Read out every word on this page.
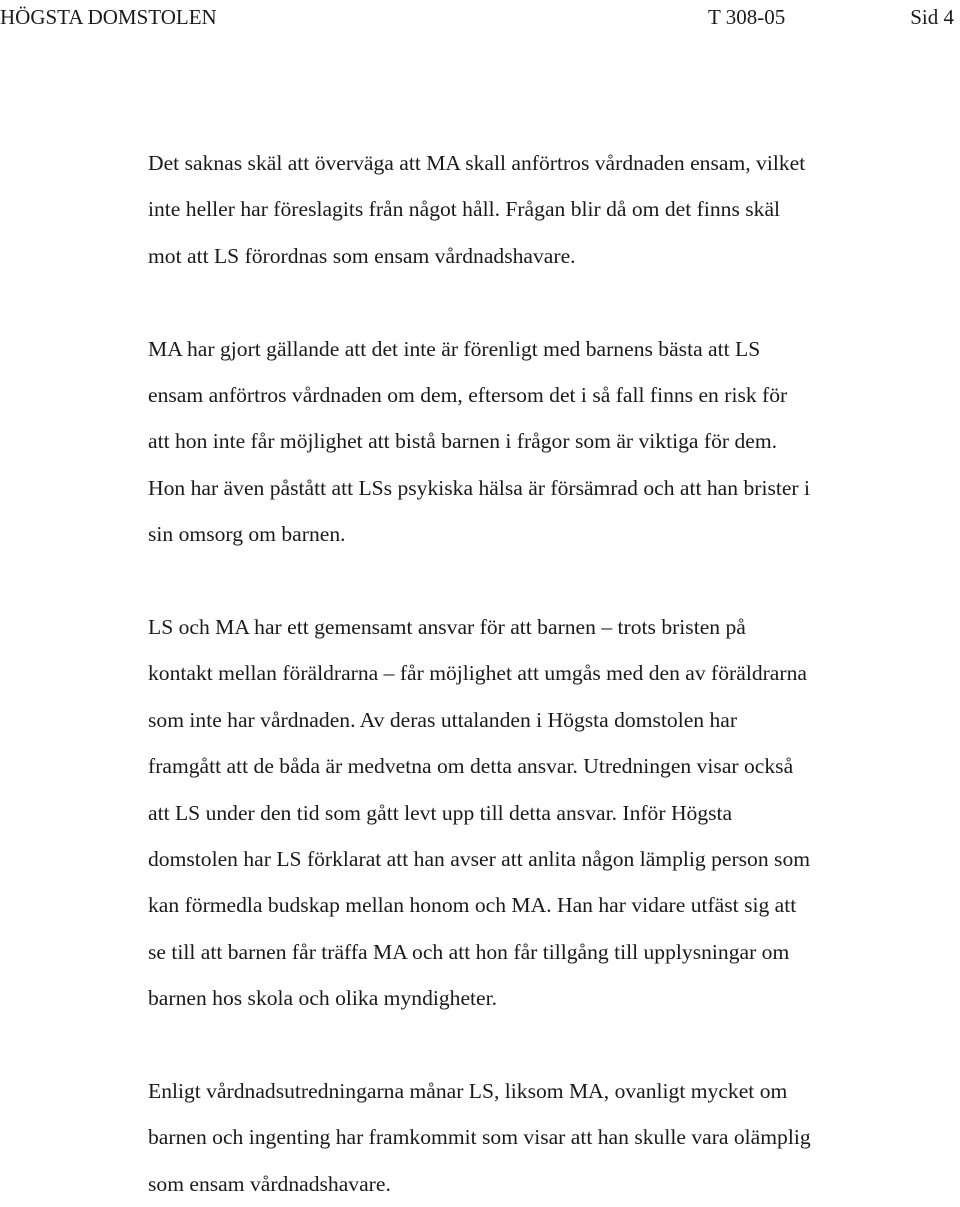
HÖGSTA DOMSTOLEN	T 308-05	Sid 4

Det saknas skäl att överväga att MA skall anförtros vårdnaden ensam, vilket
inte heller har föreslagits från något håll. Frågan blir då om det finns skäl
mot att LS förordnas som ensam vårdnadshavare.

MA har gjort gällande att det inte är förenligt med barnens bästa att LS
ensam anförtros vårdnaden om dem, eftersom det i så fall finns en risk för
att hon inte får möjlighet att bistå barnen i frågor som är viktiga för dem.
Hon har även påstått att LSs psykiska hälsa är försämrad och att han brister i
sin omsorg om barnen.

LS och MA har ett gemensamt ansvar för att barnen – trots bristen på
kontakt mellan föräldrarna – får möjlighet att umgås med den av föräldrarna
som inte har vårdnaden. Av deras uttalanden i Högsta domstolen har
framgått att de båda är medvetna om detta ansvar. Utredningen visar också
att LS under den tid som gått levt upp till detta ansvar. Inför Högsta
domstolen har LS förklarat att han avser att anlita någon lämplig person som
kan förmedla budskap mellan honom och MA. Han har vidare utfäst sig att
se till att barnen får träffa MA och att hon får tillgång till upplysningar om
barnen hos skola och olika myndigheter.

Enligt vårdnadsutredningarna månar LS, liksom MA, ovanligt mycket om
barnen och ingenting har framkommit som visar att han skulle vara olämplig
som ensam vårdnadshavare.
